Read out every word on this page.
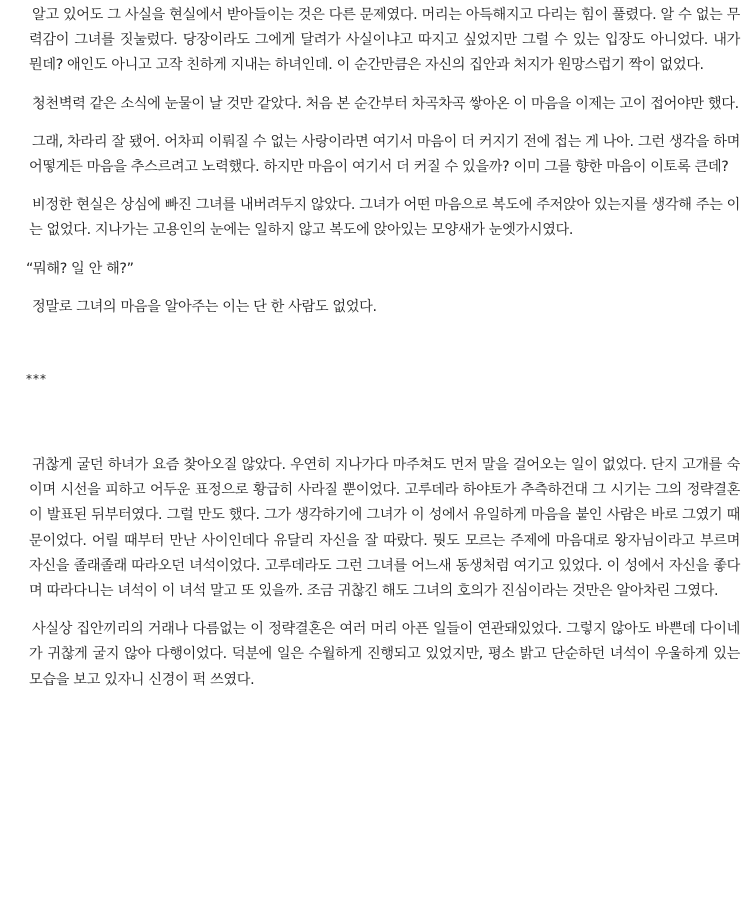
알고 있어도 그 사실을 현실에서 받아들이는 것은 다른 문제였다. 머리는 아득해지고 다리는 힘이 풀렸다. 알 수 없는 무력감이 그녀를 짓눌렀다. 당장이라도 그에게 달려가 사실이냐고 따지고 싶었지만 그럴 수 있는 입장도 아니었다. 내가 뭔데? 애인도 아니고 고작 친하게 지내는 하녀인데. 이 순간만큼은 자신의 집안과 처지가 원망스럽기 짝이 없었다.

청천벽력 같은 소식에 눈물이 날 것만 같았다. 처음 본 순간부터 차곡차곡 쌓아온 이 마음을 이제는 고이 접어야만 했다.

그래, 차라리 잘 됐어. 어차피 이뤄질 수 없는 사랑이라면 여기서 마음이 더 커지기 전에 접는 게 나아. 그런 생각을 하며 어떻게든 마음을 추스르려고 노력했다. 하지만 마음이 여기서 더 커질 수 있을까? 이미 그를 향한 마음이 이토록 큰데?

비정한 현실은 상심에 빠진 그녀를 내버려두지 않았다. 그녀가 어떤 마음으로 복도에 주저앉아 있는지를 생각해 주는 이는 없었다. 지나가는 고용인의 눈에는 일하지 않고 복도에 앉아있는 모양새가 눈엣가시였다.

“뭐해? 일 안 해?”

정말로 그녀의 마음을 알아주는 이는 단 한 사람도 없었다.

***

귀찮게 굴던 하녀가 요즘 찾아오질 않았다. 우연히 지나가다 마주쳐도 먼저 말을 걸어오는 일이 없었다. 단지 고개를 숙이며 시선을 피하고 어두운 표정으로 황급히 사라질 뿐이었다. 고루데라 하야토가 추측하건대 그 시기는 그의 정략결혼이 발표된 뒤부터였다. 그럴 만도 했다. 그가 생각하기에 그녀가 이 성에서 유일하게 마음을 붙인 사람은 바로 그였기 때문이었다. 어릴 때부터 만난 사이인데다 유달리 자신을 잘 따랐다. 뭣도 모르는 주제에 마음대로 왕자님이라고 부르며 자신을 졸래졸래 따라오던 녀석이었다. 고루데라도 그런 그녀를 어느새 동생처럼 여기고 있었다. 이 성에서 자신을 좋다며 따라다니는 녀석이 이 녀석 말고 또 있을까. 조금 귀찮긴 해도 그녀의 호의가 진심이라는 것만은 알아차린 그였다.

사실상 집안끼리의 거래나 다름없는 이 정략결혼은 여러 머리 아픈 일들이 연관돼있었다. 그렇지 않아도 바쁜데 다이네가 귀찮게 굴지 않아 다행이었다. 덕분에 일은 수월하게 진행되고 있었지만, 평소 밝고 단순하던 녀석이 우울하게 있는 모습을 보고 있자니 신경이 퍽 쓰였다.
